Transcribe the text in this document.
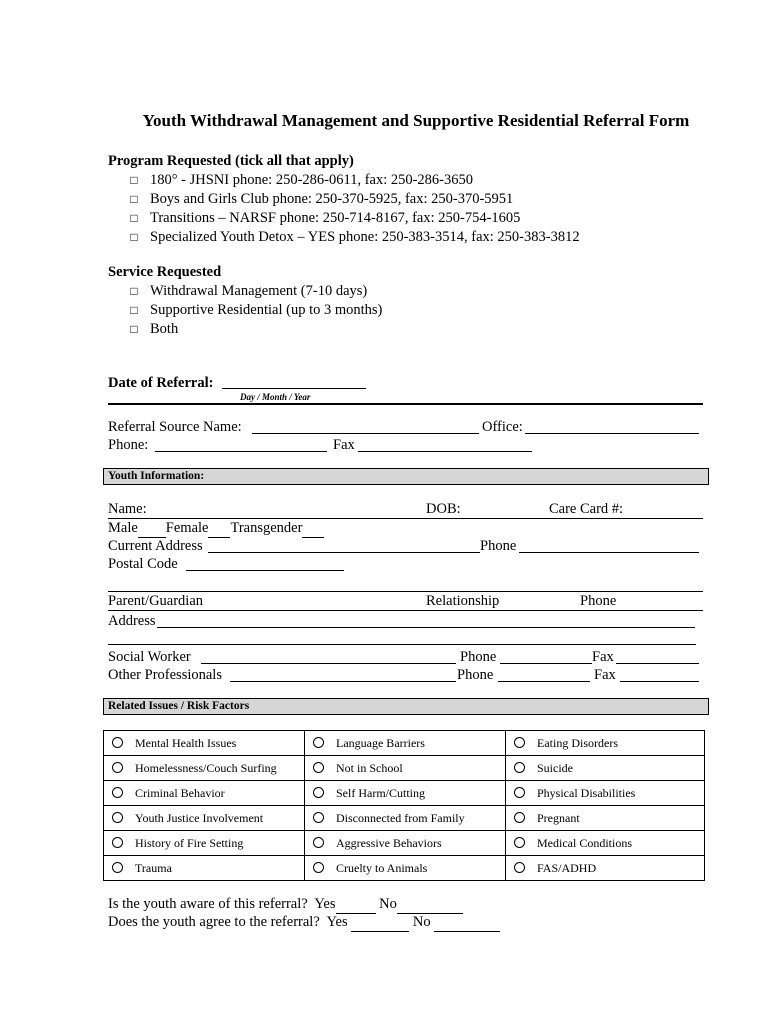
Youth Withdrawal Management and Supportive Residential Referral Form
Program Requested (tick all that apply)
□ 180° - JHSNI phone: 250-286-0611, fax: 250-286-3650
□ Boys and Girls Club phone: 250-370-5925, fax: 250-370-5951
□ Transitions – NARSF phone: 250-714-8167, fax: 250-754-1605
□ Specialized Youth Detox – YES phone: 250-383-3514, fax: 250-383-3812
Service Requested
□ Withdrawal Management (7-10 days)
□ Supportive Residential (up to 3 months)
□ Both
Date of Referral:
Day / Month / Year
Referral Source Name:	Office:
Phone:	Fax
Youth Information:
Name:	DOB:	Care Card #:
Male Female Transgender
Current Address	Phone
Postal Code
Parent/Guardian	Relationship	Phone
Address
Social Worker	Phone	Fax
Other Professionals	Phone	Fax
Related Issues / Risk Factors
Mental Health Issues	Language Barriers	Eating Disorders
Homelessness/Couch Surfing	Not in School	Suicide
Criminal Behavior	Self Harm/Cutting	Physical Disabilities
Youth Justice Involvement	Disconnected from Family	Pregnant
History of Fire Setting	Aggressive Behaviors	Medical Conditions
Trauma	Cruelty to Animals	FAS/ADHD
Is the youth aware of this referral? Yes	No
Does the youth agree to the referral? Yes	No
